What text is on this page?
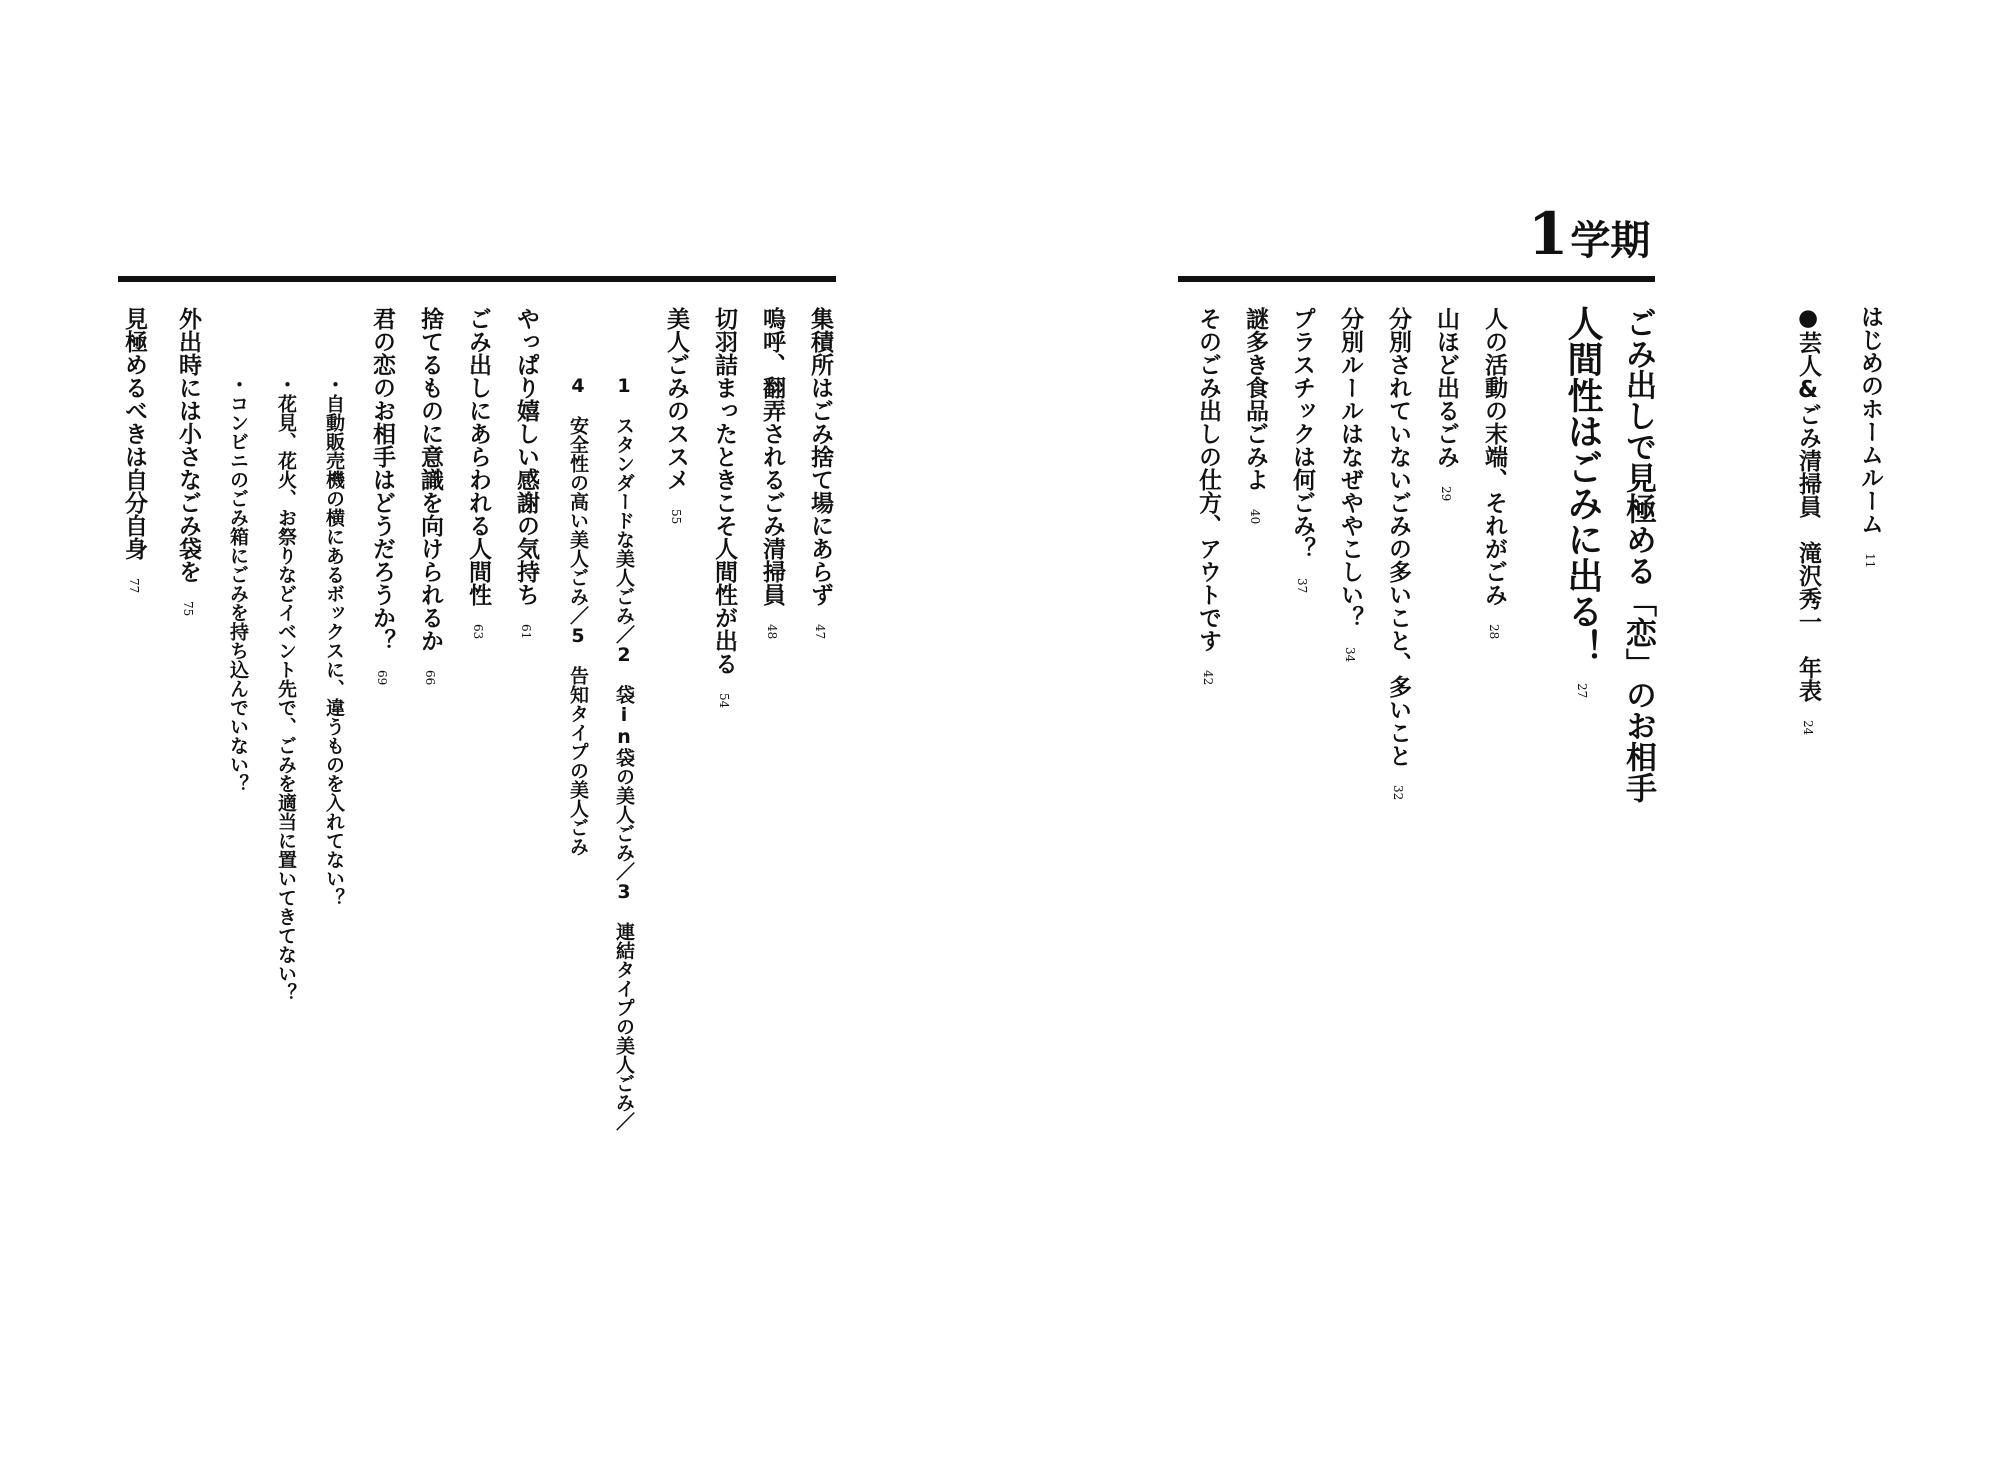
はじめのホームルーム11
●芸人&ごみ清掃員　滝沢秀一　年表24
1学期
ごみ出しで見極める「恋」のお相手
人間性はごみに出る！27
人の活動の末端、それがごみ28
山ほど出るごみ29
分別されていないごみの多いこと、多いこと32
分別ルールはなぜややこしい？34
プラスチックは何ごみ？37
謎多き食品ごみよ40
そのごみ出しの仕方、アウトです42
集積所はごみ捨て場にあらず47
嗚呼、翻弄されるごみ清掃員48
切羽詰まったときこそ人間性が出る54
美人ごみのススメ55
1　スタンダードな美人ごみ／2　袋in袋の美人ごみ／3　連結タイプの美人ごみ／
4　安全性の高い美人ごみ／5　告知タイプの美人ごみ
やっぱり嬉しい感謝の気持ち61
ごみ出しにあらわれる人間性63
捨てるものに意識を向けられるか66
君の恋のお相手はどうだろうか？69
・自動販売機の横にあるボックスに、違うものを入れてない？
・花見、花火、お祭りなどイベント先で、ごみを適当に置いてきてない？
・コンビニのごみ箱にごみを持ち込んでいない？
外出時には小さなごみ袋を75
見極めるべきは自分自身77
